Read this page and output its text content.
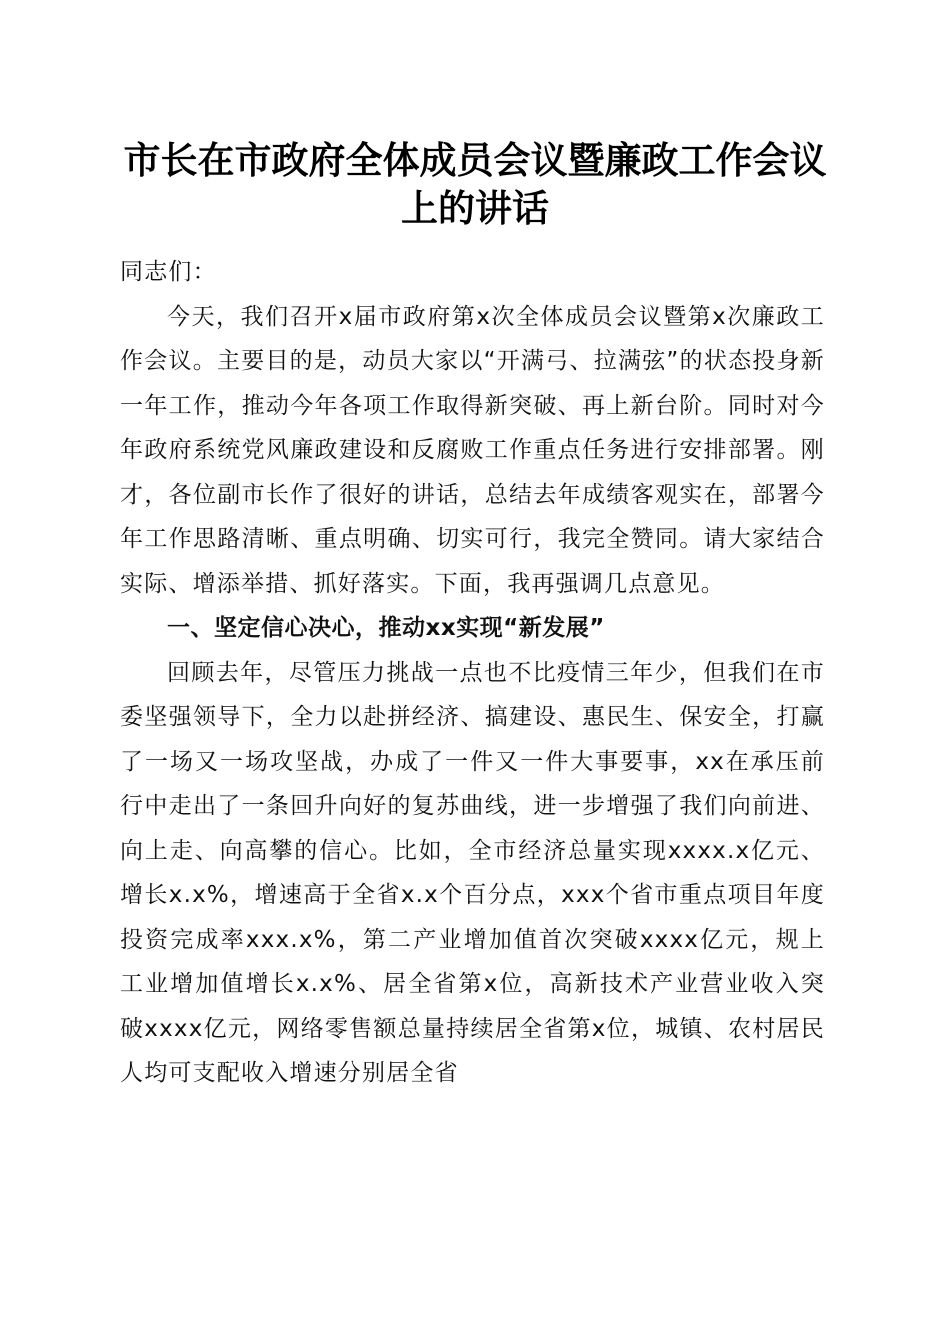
市长在市政府全体成员会议暨廉政工作会议上的讲话

同志们：

今天，我们召开x届市政府第x次全体成员会议暨第x次廉政工作会议。主要目的是，动员大家以“开满弓、拉满弦”的状态投身新一年工作，推动今年各项工作取得新突破、再上新台阶。同时对今年政府系统党风廉政建设和反腐败工作重点任务进行安排部署。刚才，各位副市长作了很好的讲话，总结去年成绩客观实在，部署今年工作思路清晰、重点明确、切实可行，我完全赞同。请大家结合实际、增添举措、抓好落实。下面，我再强调几点意见。

一、坚定信心决心，推动xx实现“新发展”

回顾去年，尽管压力挑战一点也不比疫情三年少，但我们在市委坚强领导下，全力以赴拼经济、搞建设、惠民生、保安全，打赢了一场又一场攻坚战，办成了一件又一件大事要事，xx在承压前行中走出了一条回升向好的复苏曲线，进一步增强了我们向前进、向上走、向高攀的信心。比如，全市经济总量实现xxxx.x亿元、增长x.x%，增速高于全省x.x个百分点，xxx个省市重点项目年度投资完成率xxx.x%，第二产业增加值首次突破xxxx亿元，规上工业增加值增长x.x%、居全省第x位，高新技术产业营业收入突破xxxx亿元，网络零售额总量持续居全省第x位，城镇、农村居民人均可支配收入增速分别居全省
